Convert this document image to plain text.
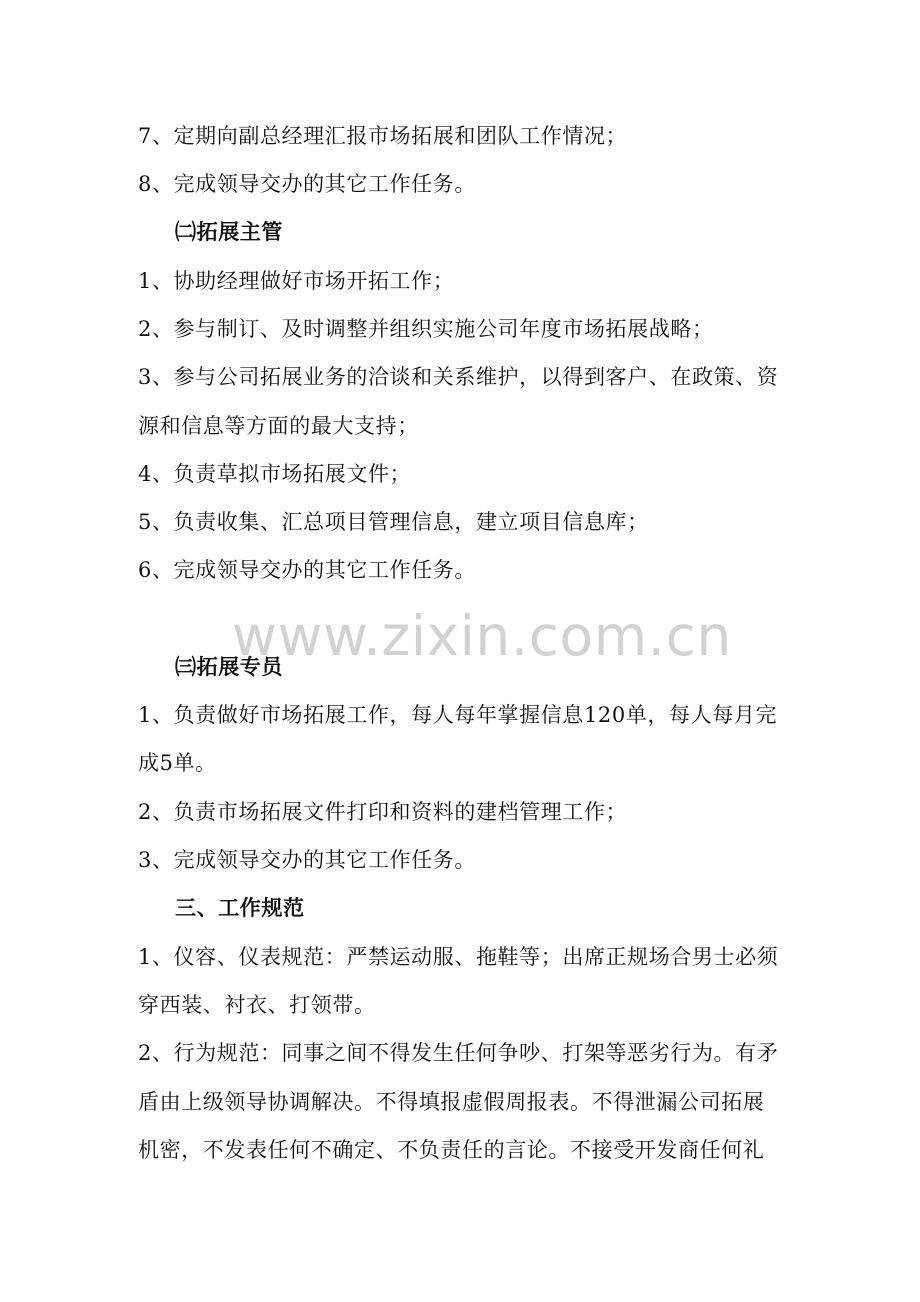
7、定期向副总经理汇报市场拓展和团队工作情况；
8、完成领导交办的其它工作任务。
㈡拓展主管
1、协助经理做好市场开拓工作；
2、参与制订、及时调整并组织实施公司年度市场拓展战略；
3、参与公司拓展业务的洽谈和关系维护，以得到客户、在政策、资
源和信息等方面的最大支持；
4、负责草拟市场拓展文件；
5、负责收集、汇总项目管理信息，建立项目信息库；
6、完成领导交办的其它工作任务。
www.zixin.com.cn
㈢拓展专员
1、负责做好市场拓展工作，每人每年掌握信息120单，每人每月完
成5单。
2、负责市场拓展文件打印和资料的建档管理工作；
3、完成领导交办的其它工作任务。
三、工作规范
1、仪容、仪表规范：严禁运动服、拖鞋等；出席正规场合男士必须
穿西装、衬衣、打领带。
2、行为规范：同事之间不得发生任何争吵、打架等恶劣行为。有矛
盾由上级领导协调解决。不得填报虚假周报表。不得泄漏公司拓展
机密，不发表任何不确定、不负责任的言论。不接受开发商任何礼
